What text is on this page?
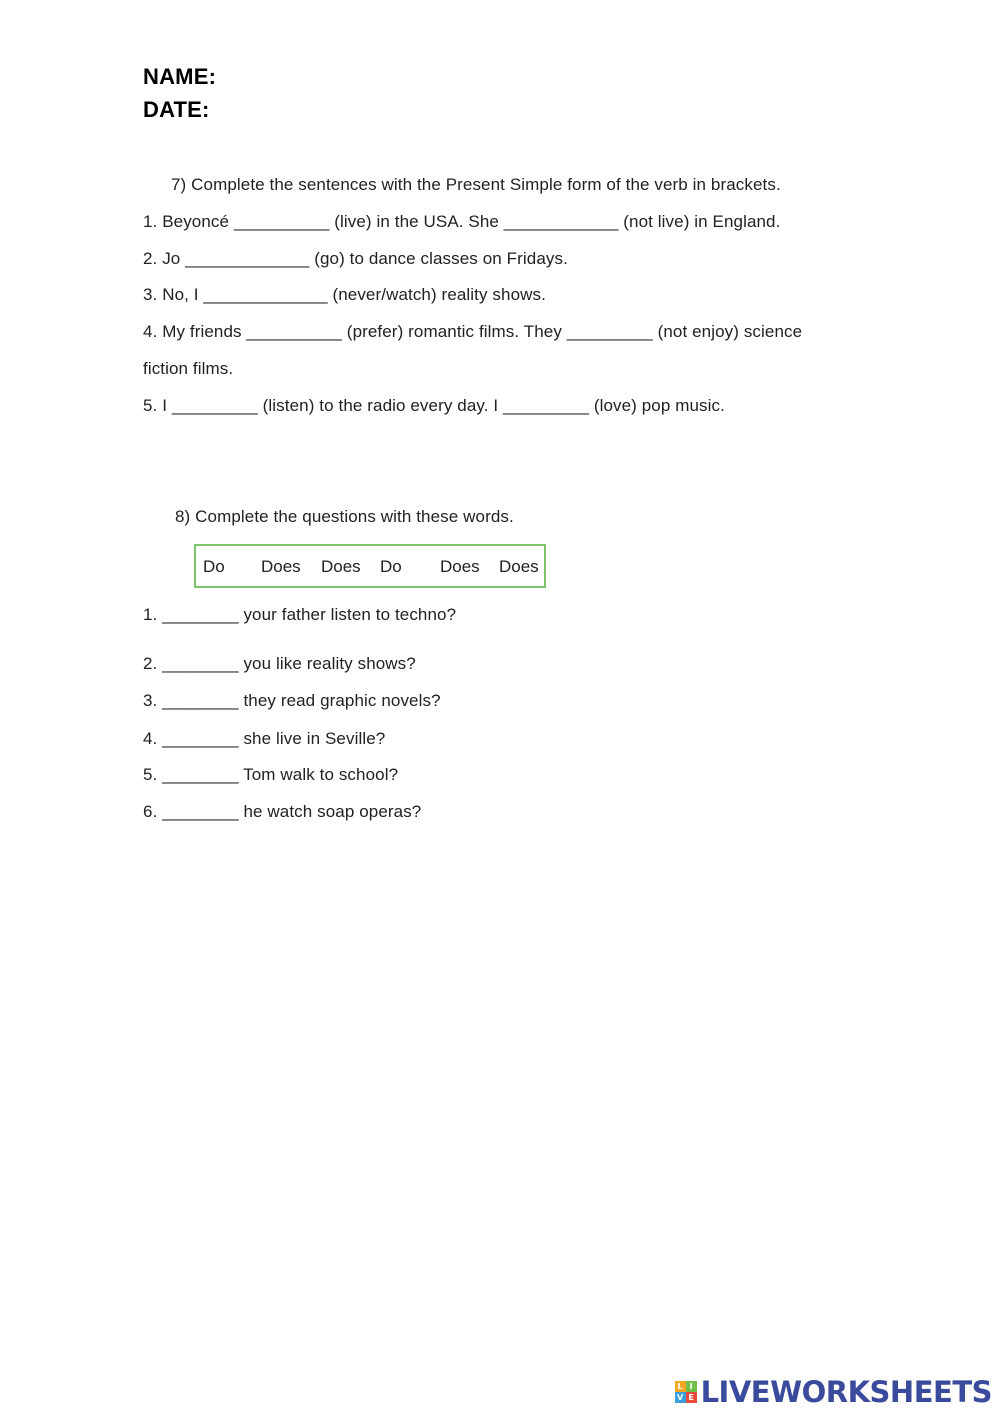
NAME:
DATE:
7) Complete the sentences with the Present Simple form of the verb in brackets.
1. Beyoncé __________ (live) in the USA. She ____________ (not live) in England.
2. Jo _____________ (go) to dance classes on Fridays.
3. No, I _____________ (never/watch) reality shows.
4. My friends __________ (prefer) romantic films. They _________ (not enjoy) science
fiction films.
5. I _________ (listen) to the radio every day. I _________ (love) pop music.
8) Complete the questions with these words.
Do Does Does Do Does Does
1. ________ your father listen to techno?
2. ________ you like reality shows?
3. ________ they read graphic novels?
4. ________ she live in Seville?
5. ________ Tom walk to school?
6. ________ he watch soap operas?
L I
V E LIVEWORKSHEETS
